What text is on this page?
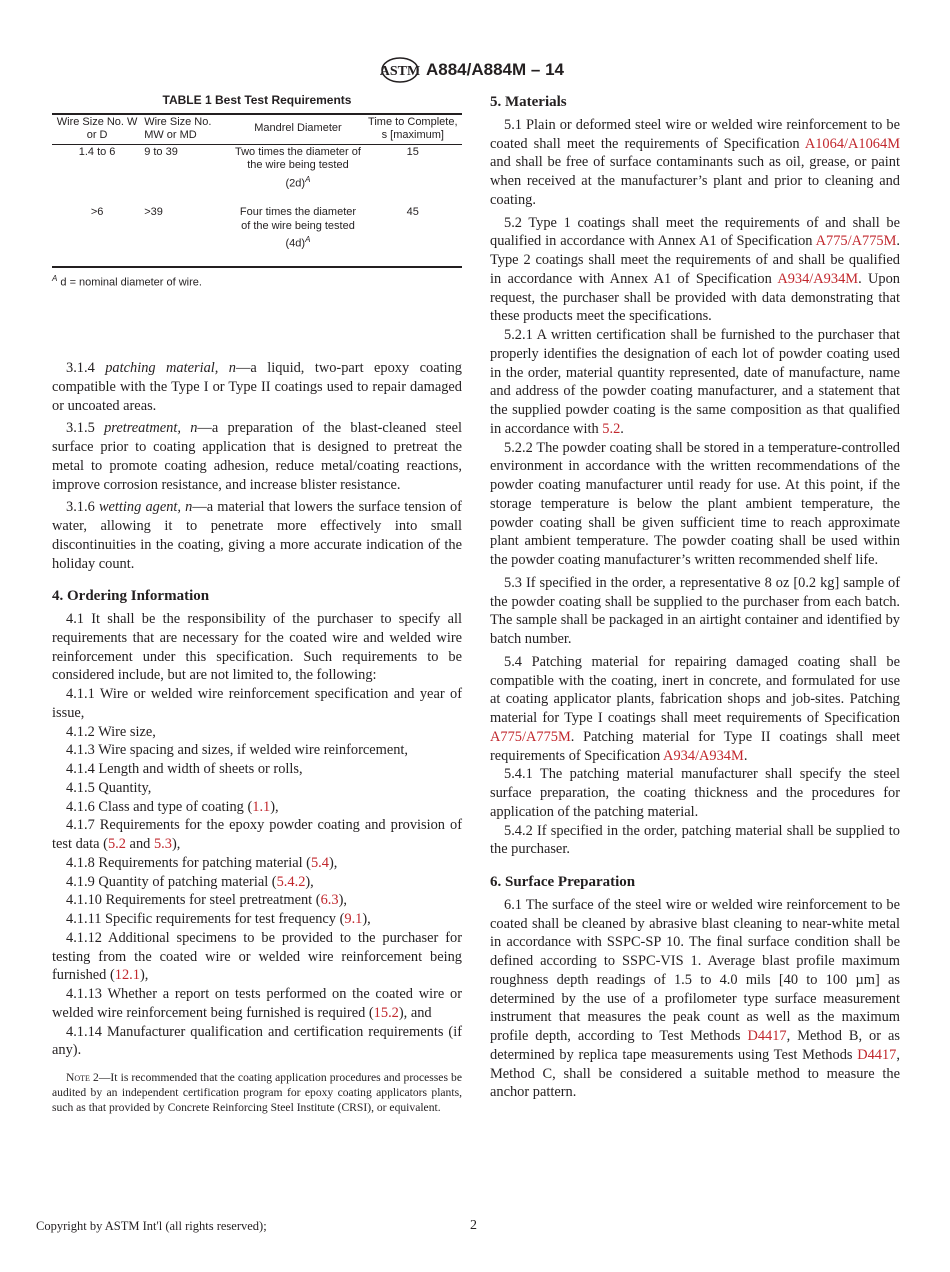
ASTM A884/A884M – 14
TABLE 1 Best Test Requirements
Wire Size No. W or D	Wire Size No. MW or MD	Mandrel Diameter	Time to Complete, s [maximum]
1.4 to 6	9 to 39	Two times the diameter of the wire being tested $(2d)^A$	15
>6	>39	Four times the diameter of the wire being tested $(4d)^A$	45
$^A$ d = nominal diameter of wire.
3.1.4 patching material, n—a liquid, two-part epoxy coating compatible with the Type I or Type II coatings used to repair damaged or uncoated areas.
3.1.5 pretreatment, n—a preparation of the blast-cleaned steel surface prior to coating application that is designed to pretreat the metal to promote coating adhesion, reduce metal/coating reactions, improve corrosion resistance, and increase blister resistance.
3.1.6 wetting agent, n—a material that lowers the surface tension of water, allowing it to penetrate more effectively into small discontinuities in the coating, giving a more accurate indication of the holiday count.
4. Ordering Information
4.1 It shall be the responsibility of the purchaser to specify all requirements that are necessary for the coated wire and welded wire reinforcement under this specification. Such requirements to be considered include, but are not limited to, the following:
4.1.1 Wire or welded wire reinforcement specification and year of issue,
4.1.2 Wire size,
4.1.3 Wire spacing and sizes, if welded wire reinforcement,
4.1.4 Length and width of sheets or rolls,
4.1.5 Quantity,
4.1.6 Class and type of coating (1.1),
4.1.7 Requirements for the epoxy powder coating and provision of test data (5.2 and 5.3),
4.1.8 Requirements for patching material (5.4),
4.1.9 Quantity of patching material (5.4.2),
4.1.10 Requirements for steel pretreatment (6.3),
4.1.11 Specific requirements for test frequency (9.1),
4.1.12 Additional specimens to be provided to the purchaser for testing from the coated wire or welded wire reinforcement being furnished (12.1),
4.1.13 Whether a report on tests performed on the coated wire or welded wire reinforcement being furnished is required (15.2), and
4.1.14 Manufacturer qualification and certification requirements (if any).
Note 2—It is recommended that the coating application procedures and processes be audited by an independent certification program for epoxy coating applicators plants, such as that provided by Concrete Reinforcing Steel Institute (CRSI), or equivalent.
5. Materials
5.1 Plain or deformed steel wire or welded wire reinforcement to be coated shall meet the requirements of Specification A1064/A1064M and shall be free of surface contaminants such as oil, grease, or paint when received at the manufacturer’s plant and prior to cleaning and coating.
5.2 Type 1 coatings shall meet the requirements of and shall be qualified in accordance with Annex A1 of Specification A775/A775M. Type 2 coatings shall meet the requirements of and shall be qualified in accordance with Annex A1 of Specification A934/A934M. Upon request, the purchaser shall be provided with data demonstrating that these products meet the specifications.
5.2.1 A written certification shall be furnished to the purchaser that properly identifies the designation of each lot of powder coating used in the order, material quantity represented, date of manufacture, name and address of the powder coating manufacturer, and a statement that the supplied powder coating is the same composition as that qualified in accordance with 5.2.
5.2.2 The powder coating shall be stored in a temperature-controlled environment in accordance with the written recommendations of the powder coating manufacturer until ready for use. At this point, if the storage temperature is below the plant ambient temperature, the powder coating shall be given sufficient time to reach approximate plant ambient temperature. The powder coating shall be used within the powder coating manufacturer’s written recommended shelf life.
5.3 If specified in the order, a representative 8 oz [0.2 kg] sample of the powder coating shall be supplied to the purchaser from each batch. The sample shall be packaged in an airtight container and identified by batch number.
5.4 Patching material for repairing damaged coating shall be compatible with the coating, inert in concrete, and formulated for use at coating applicator plants, fabrication shops and job-sites. Patching material for Type I coatings shall meet requirements of Specification A775/A775M. Patching material for Type II coatings shall meet requirements of Specification A934/A934M.
5.4.1 The patching material manufacturer shall specify the steel surface preparation, the coating thickness and the procedures for application of the patching material.
5.4.2 If specified in the order, patching material shall be supplied to the purchaser.
6. Surface Preparation
6.1 The surface of the steel wire or welded wire reinforcement to be coated shall be cleaned by abrasive blast cleaning to near-white metal in accordance with SSPC-SP 10. The final surface condition shall be defined according to SSPC-VIS 1. Average blast profile maximum roughness depth readings of 1.5 to 4.0 mils [40 to 100 µm] as determined by the use of a profilometer type surface measurement instrument that measures the peak count as well as the maximum profile depth, according to Test Methods D4417, Method B, or as determined by replica tape measurements using Test Methods D4417, Method C, shall be considered a suitable method to measure the anchor pattern.
Copyright by ASTM Int'l (all rights reserved);	2
